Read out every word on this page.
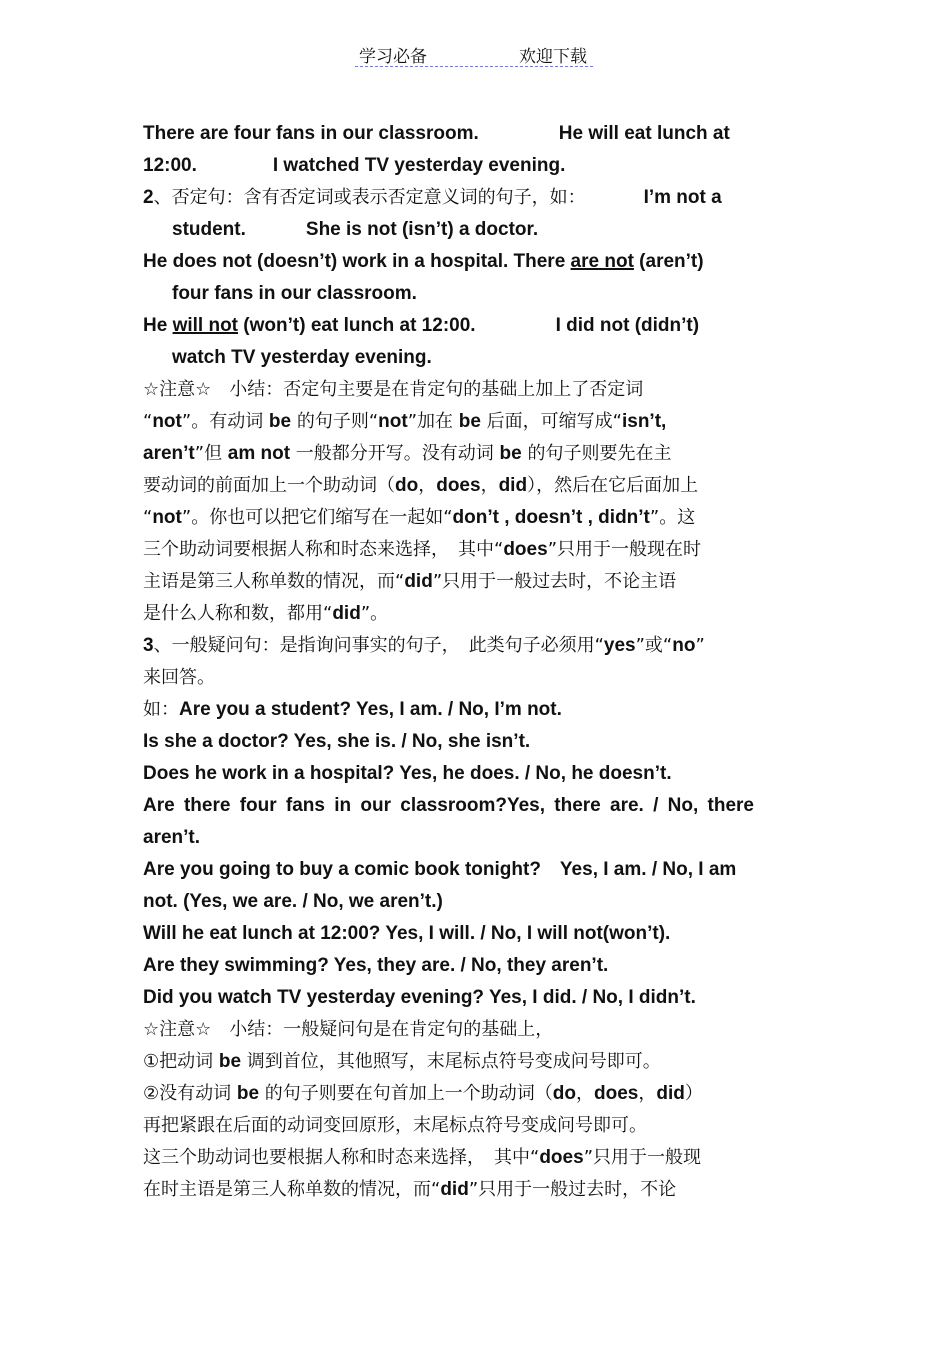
学习必备	欢迎下载
There are four fans in our classroom.	He will eat lunch at
12:00.	I watched TV yesterday evening.
2、否定句：含有否定词或表示否定意义词的句子，如：	I’m not a
student.	She is not (isn’t) a doctor.
He does not (doesn’t) work in a hospital. There are not (aren’t)
four fans in our classroom.
He will not (won’t) eat lunch at 12:00.	I did not (didn’t)
watch TV yesterday evening.
☆注意☆　小结：否定句主要是在肯定句的基础上加上了否定词
“not”。有动词 be 的句子则“not”加在 be 后面，可缩写成“isn’t,
aren’t”但 am not 一般都分开写。没有动词 be 的句子则要先在主
要动词的前面加上一个助动词（do，does，did），然后在它后面加上
“not”。你也可以把它们缩写在一起如“don’t , doesn’t , didn’t”。这
三个助动词要根据人称和时态来选择，　其中“does”只用于一般现在时
主语是第三人称单数的情况，而“did”只用于一般过去时，不论主语
是什么人称和数，都用“did”。
3、一般疑问句：是指询问事实的句子，　此类句子必须用“yes”或“no”
来回答。
如：Are you a student? Yes, I am. / No, I’m not.
Is she a doctor? Yes, she is. / No, she isn’t.
Does he work in a hospital? Yes, he does. / No, he doesn’t.
Are there four fans in our classroom?Yes, there are. / No, there
aren’t.
Are you going to buy a comic book tonight?　Yes, I am. / No, I am
not. (Yes, we are. / No, we aren’t.)
Will he eat lunch at 12:00? Yes, I will. / No, I will not(won’t).
Are they swimming? Yes, they are. / No, they aren’t.
Did you watch TV yesterday evening? Yes, I did. / No, I didn’t.
☆注意☆　小结：一般疑问句是在肯定句的基础上，
①把动词 be 调到首位，其他照写，末尾标点符号变成问号即可。
②没有动词 be 的句子则要在句首加上一个助动词（do，does，did）
再把紧跟在后面的动词变回原形，末尾标点符号变成问号即可。
这三个助动词也要根据人称和时态来选择，　其中“does”只用于一般现
在时主语是第三人称单数的情况，而“did”只用于一般过去时，不论
